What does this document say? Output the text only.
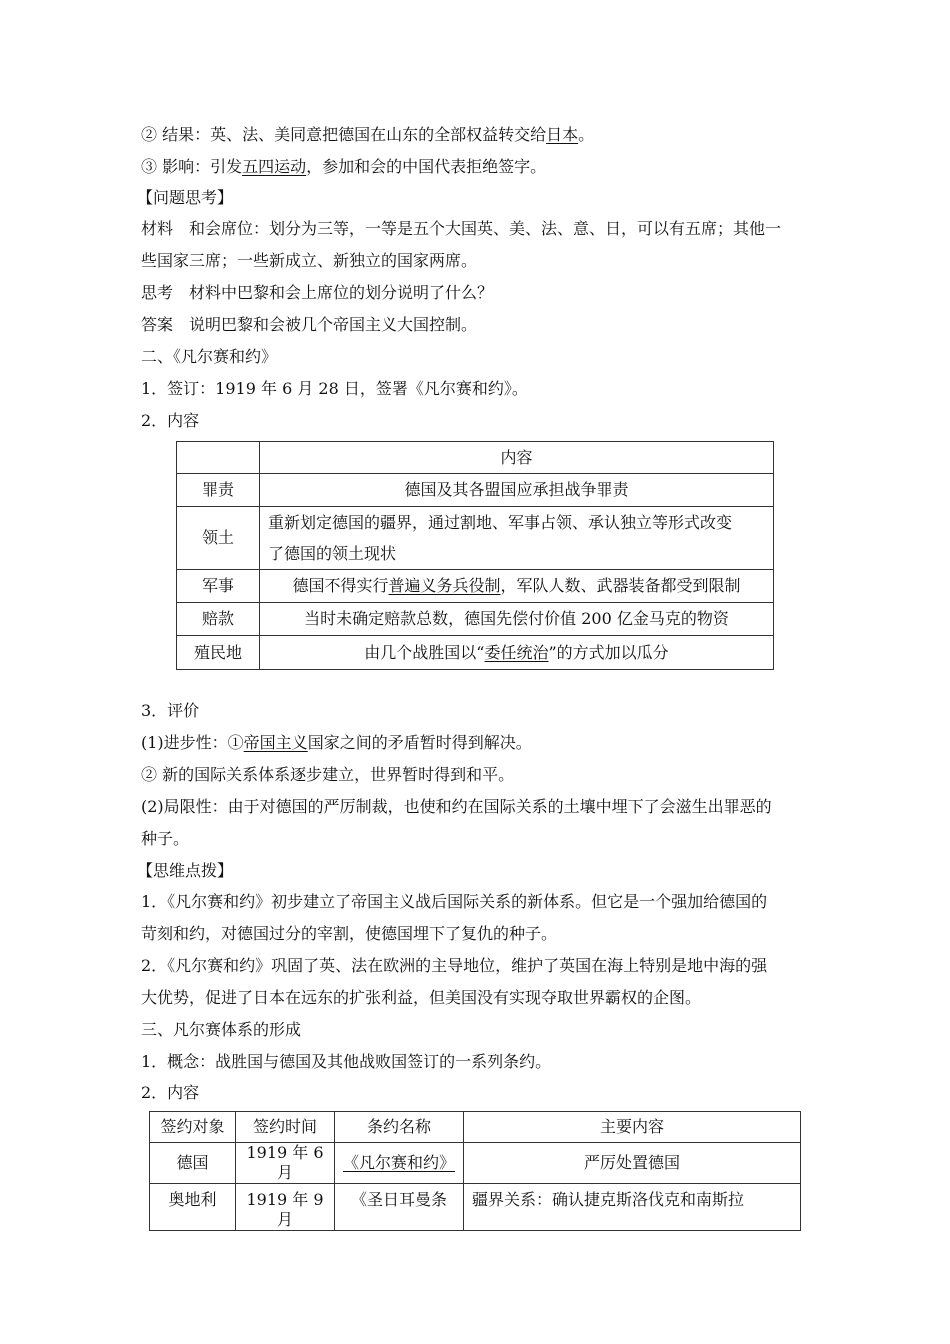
② 结果：英、法、美同意把德国在山东的全部权益转交给日本。
③ 影响：引发五四运动，参加和会的中国代表拒绝签字。
【问题思考】
材料　和会席位：划分为三等，一等是五个大国英、美、法、意、日，可以有五席；其他一
些国家三席；一些新成立、新独立的国家两席。
思考　材料中巴黎和会上席位的划分说明了什么？
答案　说明巴黎和会被几个帝国主义大国控制。
二、《凡尔赛和约》
1．签订：1919 年 6 月 28 日，签署《凡尔赛和约》。
2．内容
	内容
罪责	德国及其各盟国应承担战争罪责
领土	重新划定德国的疆界，通过割地、军事占领、承认独立等形式改变
了德国的领土现状
军事	德国不得实行普遍义务兵役制，军队人数、武器装备都受到限制
赔款	当时未确定赔款总数，德国先偿付价值 200 亿金马克的物资
殖民地	由几个战胜国以“委任统治”的方式加以瓜分
3．评价
(1)进步性：①帝国主义国家之间的矛盾暂时得到解决。
② 新的国际关系体系逐步建立，世界暂时得到和平。
(2)局限性：由于对德国的严厉制裁，也使和约在国际关系的土壤中埋下了会滋生出罪恶的
种子。
【思维点拨】
1．《凡尔赛和约》初步建立了帝国主义战后国际关系的新体系。但它是一个强加给德国的
苛刻和约，对德国过分的宰割，使德国埋下了复仇的种子。
2．《凡尔赛和约》巩固了英、法在欧洲的主导地位，维护了英国在海上特别是地中海的强
大优势，促进了日本在远东的扩张利益，但美国没有实现夺取世界霸权的企图。
三、凡尔赛体系的形成
1．概念：战胜国与德国及其他战败国签订的一系列条约。
2．内容
签约对象	签约时间	条约名称	主要内容
德国	1919 年 6 月	《凡尔赛和约》	严厉处置德国
奥地利	1919 年 9 月	《圣日耳曼条	疆界关系：确认捷克斯洛伐克和南斯拉
